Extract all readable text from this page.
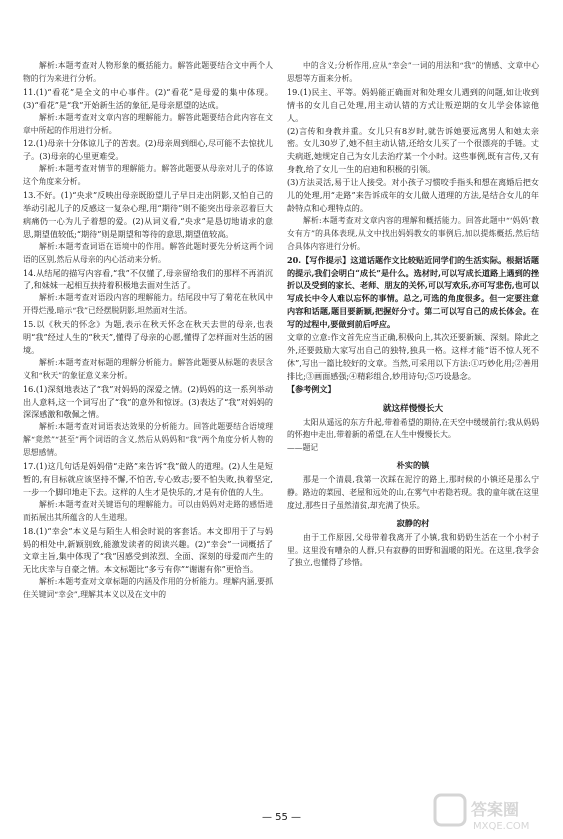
解析:本题考查对人物形象的概括能力。解答此题要结合文中两个人物的行为来进行分析。

11.(1)“看花”是全文的中心事件。(2)“看花”是母爱的集中体现。(3)“看花”是“我”开始新生活的象征,是母亲愿望的达成。

解析:本题考查对文章内容的理解能力。解答此题要结合此内容在文章中所起的作用进行分析。

12.(1)母亲十分体谅儿子的苦衷。(2)母亲周到细心,尽可能不去惊扰儿子。(3)母亲的心里更难受。

解析:本题考查对情节的理解能力。解答此题要从母亲对儿子的体谅这个角度来分析。

13.不好。(1)“央求”反映出母亲既盼望儿子早日走出阴影,又怕自己的举动引起儿子的反感这一复杂心理,用“期待”则不能突出母亲忍着巨大病痛仍一心为儿子着想的爱。(2)从词义看,“央求”是恳切地请求的意思,期望值较低;“期待”则是期望和等待的意思,期望值较高。

解析:本题考查词语在语境中的作用。解答此题时要先分析这两个词语的区别,然后从母亲的内心活动来分析。

14.从结尾的描写内容看,“我”不仅懂了,母亲留给我们的那样不再消沉了,和妹妹一起相互扶持着积极地去面对生活了。

解析:本题考查对语段内容的理解能力。结尾段中写了菊花在秋风中开得烂漫,暗示“我”已经摆脱阴影,坦然面对生活。

15.以《秋天的怀念》为题,表示在秋天怀念在秋天去世的母亲,也表明“我”经过人生的“秋天”,懂得了母亲的心愿,懂得了怎样面对生活的困境。

解析:本题考查对标题的理解分析能力。解答此题要从标题的表层含义和“秋天”的象征意义来分析。

16.(1)深刻地表达了“我”对妈妈的深爱之情。(2)妈妈的这一系列举动出人意料,这一个词写出了“我”的意外和惊讶。(3)表达了“我”对妈妈的深深感激和敬佩之情。

解析:本题考查对词语表达效果的分析能力。回答此题要结合语境理解“竟然”“甚至”两个词语的含义,然后从妈妈和“我”两个角度分析人物的思想感情。

17.(1)这几句话是妈妈借“走路”来告诉“我”做人的道理。(2)人生是短暂的,有目标就应该坚持不懈,不怕苦,专心致志;要不怕失败,执着坚定,一步一个脚印地走下去。这样的人生才是快乐的,才是有价值的人生。

解析:本题考查对关键语句的理解能力。可以由妈妈对走路的感悟进而拓展出其所蕴含的人生道理。

18.(1)“幸会”本义是与陌生人相会时说的客套话。本文即用于了与妈妈的相处中,新颖别致,能激发读者的阅读兴趣。(2)“幸会”一词概括了文章主旨,集中体现了“我”因感受到浓烈、全面、深刻的母爱而产生的无比庆幸与自豪之情。本文标题比“多亏有你”“谢谢有你”更恰当。

解析:本题考查对文章标题的内涵及作用的分析能力。理解内涵,要抓住关键词“幸会”,理解其本义以及在文中的

中的含义;分析作用,应从“幸会”一词的用法和“我”的情感、文章中心思想等方面来分析。

19.(1)民主、平等。妈妈能正确面对和处理女儿遇到的问题,如让收到情书的女儿自己处理,用主动认错的方式让叛逆期的女儿学会体谅他人。

(2)言传和身教并重。女儿只有8岁时,就告诉她要远离男人和她太亲密。女儿30岁了,她不但主动认错,还给女儿买了一个很漂亮的手链。丈夫病逝,她规定自己为女儿去治疗某一个小时。这些事例,既有言传,又有身教,给了女儿一生的启迪和积极的引领。

(3)方法灵活,易于让人接受。对小孩子习惯咬手指头和想在离婚后把女儿的处理,用“走路”来告诉成年的女儿做人道理的方法,是结合女儿的年龄特点和心理特点的。

解析:本题考查对文章内容的理解和概括能力。回答此题中“‘妈妈’教女有方”的具体表现,从文中找出妈妈教女的事例后,加以提炼概括,然后结合具体内容进行分析。

20.【写作提示】这道话题作文比较贴近同学们的生活实际。根据话题的提示,我们会明白“成长”是什么。选材时,可以写成长道路上遇到的挫折以及受到的家长、老师、朋友的关怀,可以写欢乐,亦可写悲伤,也可以写成长中令人难以忘怀的事情。总之,可选的角度很多。但一定要注意内容和话题,题目要新颖,把握好分寸。第二可以写自己的成长体会。在写的过程中,要做到前后呼应。

文章的立意:作文首先应当正确,积极向上,其次还要新颖、深刻。除此之外,还要鼓励大家写出自己的独特,独具一格。这样才能“语不惊人死不休”,写出一篇比较好的文章。当然,可采用以下方法:①巧妙化用;②善用排比;③画面感强;④精彩组合,妙用诗句;⑤巧设悬念。

【参考例文】

就这样慢慢长大

太阳从遥远的东方升起,带着希望的期待,在天空中缓缓前行;我从妈妈的怀抱中走出,带着新的希望,在人生中慢慢长大。

——题记

朴实的镇

那是一个清晨,我第一次踩在泥泞的路上,那时候的小镇还是那么宁静。路边的菜园、老屋和远处的山,在雾气中若隐若现。我的童年就在这里度过,那些日子虽然清贫,却充满了快乐。

寂静的村

由于工作原因,父母带着我离开了小镇,我和奶奶生活在一个小村子里。这里没有嘈杂的人群,只有寂静的田野和温暖的阳光。在这里,我学会了独立,也懂得了珍惜。

— 55 —	答案圈
MXQE.COM
